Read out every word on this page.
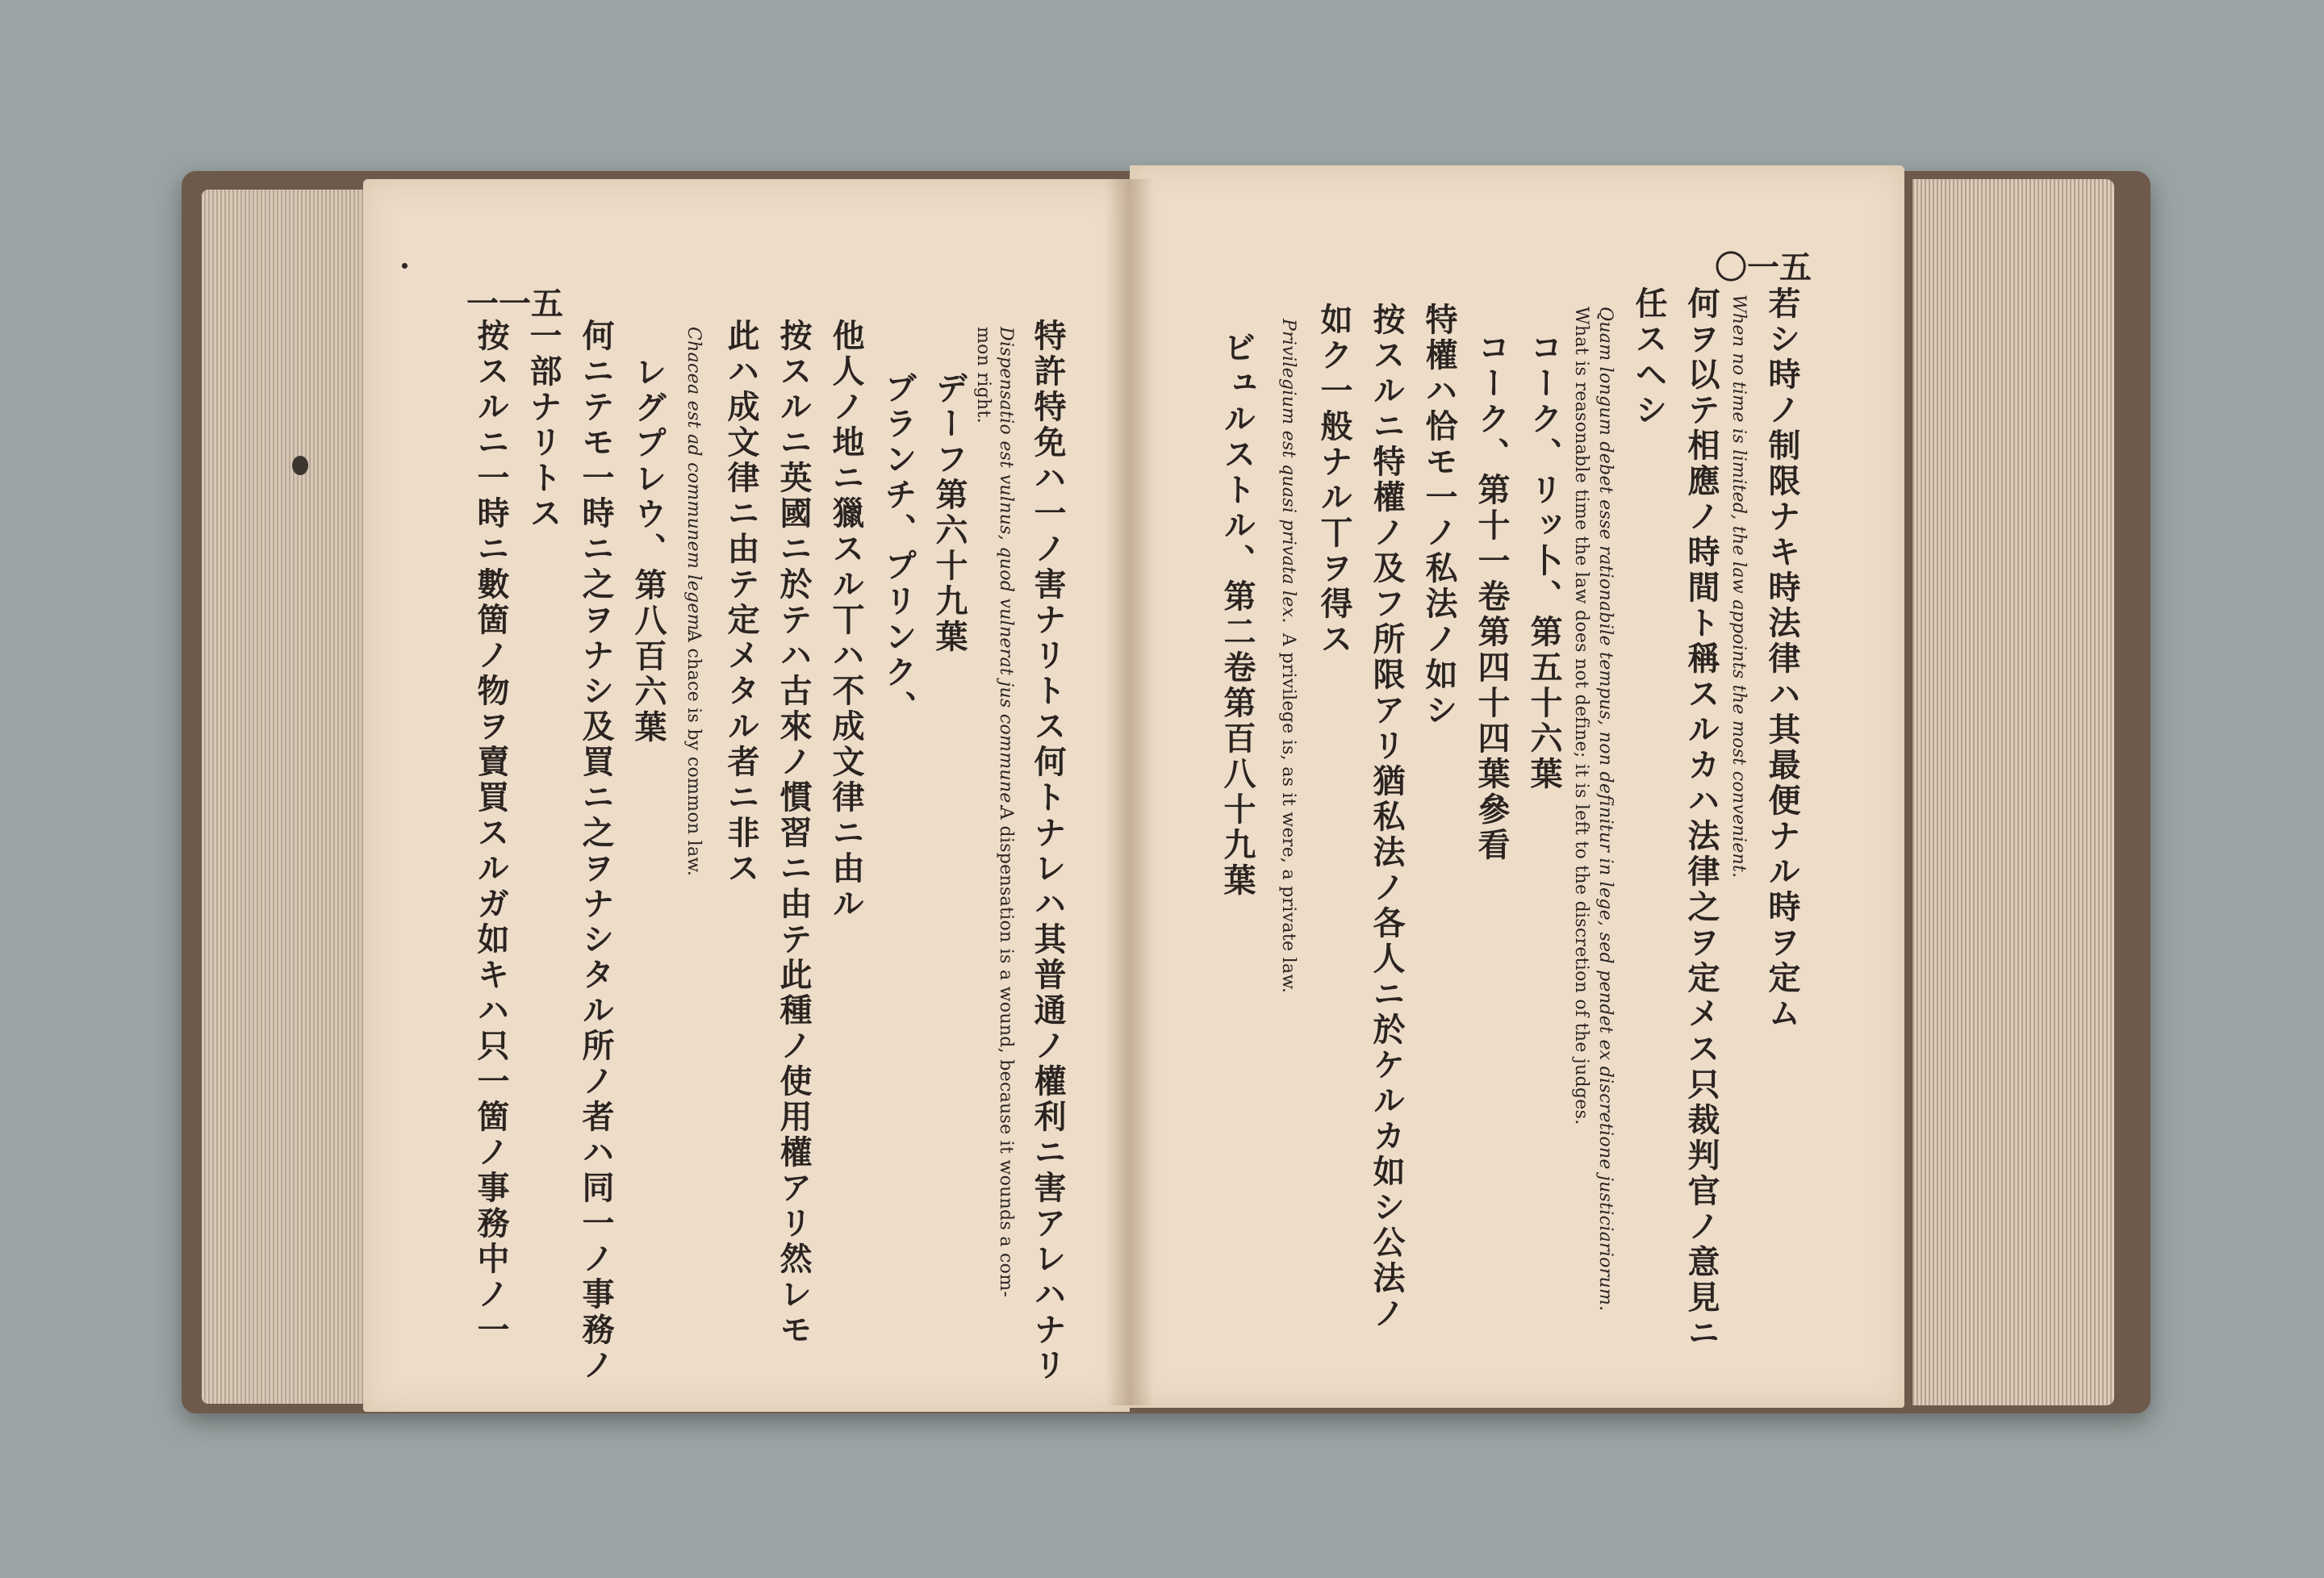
一一五
〇一五
特許特免ハ一ノ害ナリトス何トナレハ其普通ノ權利ニ害アレハナリ
Dispensatio est vulnus, quod vulnerat jus commune.
A dispensation is a wound, because it wounds a com-
mon right.
デーフ第六十九葉
ブランチ、プリンク、
他人ノ地ニ獵スル丅ハ不成文律ニ由ル
按スルニ英國ニ於テハ古來ノ慣習ニ由テ此種ノ使用權アリ然レモ
此ハ成文律ニ由テ定メタル者ニ非ス
Chacea est ad communem legem.
A chace is by common law.
レグプレウ、第八百六葉
何ニテモ一時ニ之ヲナシ及買ニ之ヲナシタル所ノ者ハ同一ノ事務ノ
一部ナリトス
按スルニ一時ニ數箇ノ物ヲ賣買スルガ如キハ只一箇ノ事務中ノ一	若シ時ノ制限ナキ時法律ハ其最便ナル時ヲ定ム
When no time is limited, the law appoints the most convenient.
何ヲ以テ相應ノ時間ト稱スルカハ法律之ヲ定メス只裁判官ノ意見ニ
任スヘシ
Quam longum debet esse rationabile tempus, non definitur in lege, sed pendet ex discretione justiciariorum.
What is reasonable time the law does not define; it is left to the discretion of the judges.
コーク、リッ卜、第五十六葉
コーク、第十一卷第四十四葉參看
特權ハ恰モ一ノ私法ノ如シ
按スルニ特權ノ及フ所限アリ猶私法ノ各人ニ於ケルカ如シ公法ノ
如ク一般ナル丅ヲ得ス
Privilegium est quasi privata lex.
A privilege is, as it were, a private law.
ビュルストル、第二卷第百八十九葉
